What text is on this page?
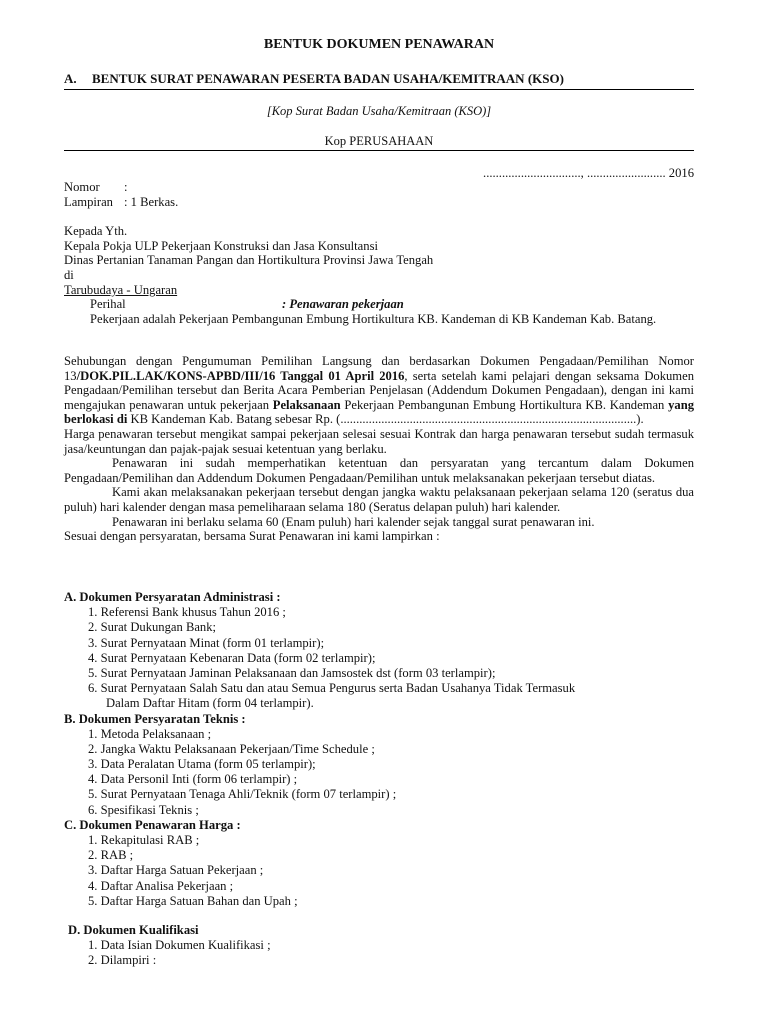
BENTUK DOKUMEN PENAWARAN
A. BENTUK SURAT PENAWARAN PESERTA BADAN USAHA/KEMITRAAN (KSO)
[Kop Surat Badan Usaha/Kemitraan (KSO)]
Kop PERUSAHAAN
..............................., ......................... 2016
Nomor :
Lampiran : 1 Berkas.
Kepada Yth.
Kepala Pokja ULP Pekerjaan Konstruksi dan Jasa Konsultansi
Dinas Pertanian Tanaman Pangan dan Hortikultura Provinsi Jawa Tengah
di
Tarubudaya - Ungaran
Perihal	: Penawaran pekerjaan
Pekerjaan adalah Pekerjaan Pembangunan Embung Hortikultura KB. Kandeman di KB Kandeman Kab. Batang.

Sehubungan dengan Pengumuman Pemilihan Langsung dan berdasarkan Dokumen Pengadaan/Pemilihan Nomor 13/DOK.PIL.LAK/KONS-APBD/III/16 Tanggal 01 April 2016, serta setelah kami pelajari dengan seksama Dokumen Pengadaan/Pemilihan tersebut dan Berita Acara Pemberian Penjelasan (Addendum Dokumen Pengadaan), dengan ini kami mengajukan penawaran untuk pekerjaan Pelaksanaan Pekerjaan Pembangunan Embung Hortikultura KB. Kandeman yang berlokasi di KB Kandeman Kab. Batang sebesar Rp. (..............................................................................................).

Harga penawaran tersebut mengikat sampai pekerjaan selesai sesuai Kontrak dan harga penawaran tersebut sudah termasuk jasa/keuntungan dan pajak-pajak sesuai ketentuan yang berlaku.

Penawaran ini sudah memperhatikan ketentuan dan persyaratan yang tercantum dalam Dokumen Pengadaan/Pemilihan dan Addendum Dokumen Pengadaan/Pemilihan untuk melaksanakan pekerjaan tersebut diatas.

Kami akan melaksanakan pekerjaan tersebut dengan jangka waktu pelaksanaan pekerjaan selama 120 (seratus dua puluh) hari kalender dengan masa pemeliharaan selama 180 (Seratus delapan puluh) hari kalender.

Penawaran ini berlaku selama 60 (Enam puluh) hari kalender sejak tanggal surat penawaran ini.

Sesuai dengan persyaratan, bersama Surat Penawaran ini kami lampirkan :

A. Dokumen Persyaratan Administrasi :
1. Referensi Bank khusus Tahun 2016 ;
2. Surat Dukungan Bank;
3. Surat Pernyataan Minat (form 01 terlampir);
4. Surat Pernyataan Kebenaran Data (form 02 terlampir);
5. Surat Pernyataan Jaminan Pelaksanaan dan Jamsostek dst (form 03 terlampir);
6. Surat Pernyataan Salah Satu dan atau Semua Pengurus serta Badan Usahanya Tidak Termasuk
Dalam Daftar Hitam (form 04 terlampir).
B. Dokumen Persyaratan Teknis :
1. Metoda Pelaksanaan ;
2. Jangka Waktu Pelaksanaan Pekerjaan/Time Schedule ;
3. Data Peralatan Utama (form 05 terlampir);
4. Data Personil Inti (form 06 terlampir) ;
5. Surat Pernyataan Tenaga Ahli/Teknik (form 07 terlampir) ;
6. Spesifikasi Teknis ;
C. Dokumen Penawaran Harga :
1. Rekapitulasi RAB ;
2. RAB ;
3. Daftar Harga Satuan Pekerjaan ;
4. Daftar Analisa Pekerjaan ;
5. Daftar Harga Satuan Bahan dan Upah ;
D. Dokumen Kualifikasi
1. Data Isian Dokumen Kualifikasi ;
2. Dilampiri :
